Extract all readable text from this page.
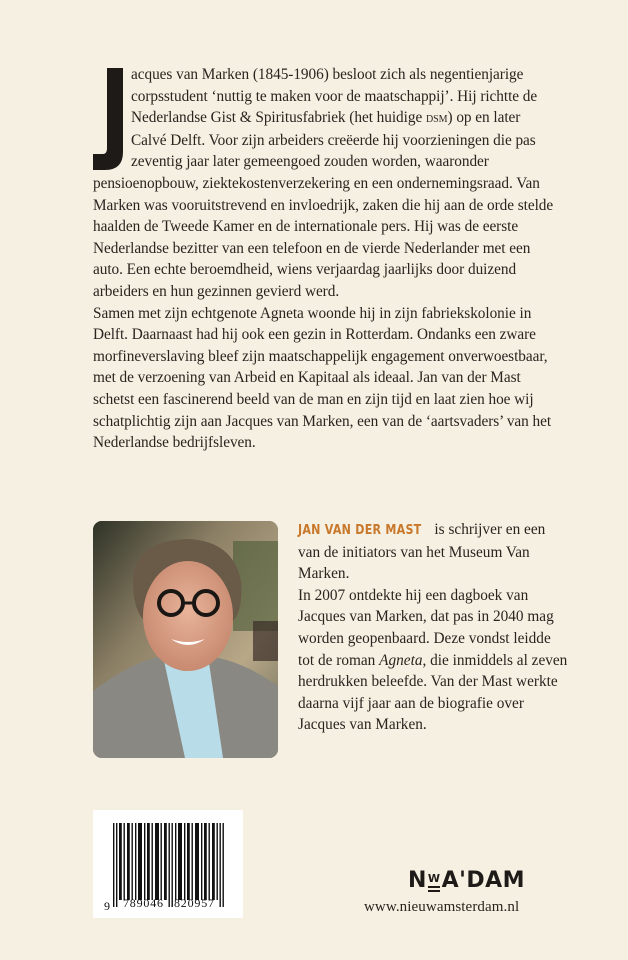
acques van Marken (1845-1906) besloot zich als negentienjarige corpsstudent ‘nuttig te maken voor de maatschappij’. Hij richtte de Nederlandse Gist & Spiritusfabriek (het huidige dsm) op en later Calvé Delft. Voor zijn arbeiders creëerde hij voorzieningen die pas zeventig jaar later gemeengoed zouden worden, waaronder pensioenopbouw, ziektekostenverzekering en een ondernemingsraad. Van Marken was vooruitstrevend en invloedrijk, zaken die hij aan de orde stelde haalden de Tweede Kamer en de internationale pers. Hij was de eerste Nederlandse bezitter van een telefoon en de vierde Nederlander met een auto. Een echte beroemdheid, wiens verjaardag jaarlijks door duizend arbeiders en hun gezinnen gevierd werd.

Samen met zijn echtgenote Agneta woonde hij in zijn fabriekskolonie in Delft. Daarnaast had hij ook een gezin in Rotterdam. Ondanks een zware morfineverslaving bleef zijn maatschappelijk engagement onverwoestbaar, met de verzoening van Arbeid en Kapitaal als ideaal. Jan van der Mast schetst een fascinerend beeld van de man en zijn tijd en laat zien hoe wij schatplichtig zijn aan Jacques van Marken, een van de ‘aartsvaders’ van het Nederlandse bedrijfsleven.

JAN VAN DER MAST is schrijver en een van de initiators van het Museum Van Marken.

In 2007 ontdekte hij een dagboek van Jacques van Marken, dat pas in 2040 mag worden geopenbaard. Deze vondst leidde tot de roman Agneta, die inmiddels al zeven herdrukken beleefde. Van der Mast werkte daarna vijf jaar aan de biografie over Jacques van Marken.

9 789046 820957
N W A'DAM
www.nieuwamsterdam.nl
